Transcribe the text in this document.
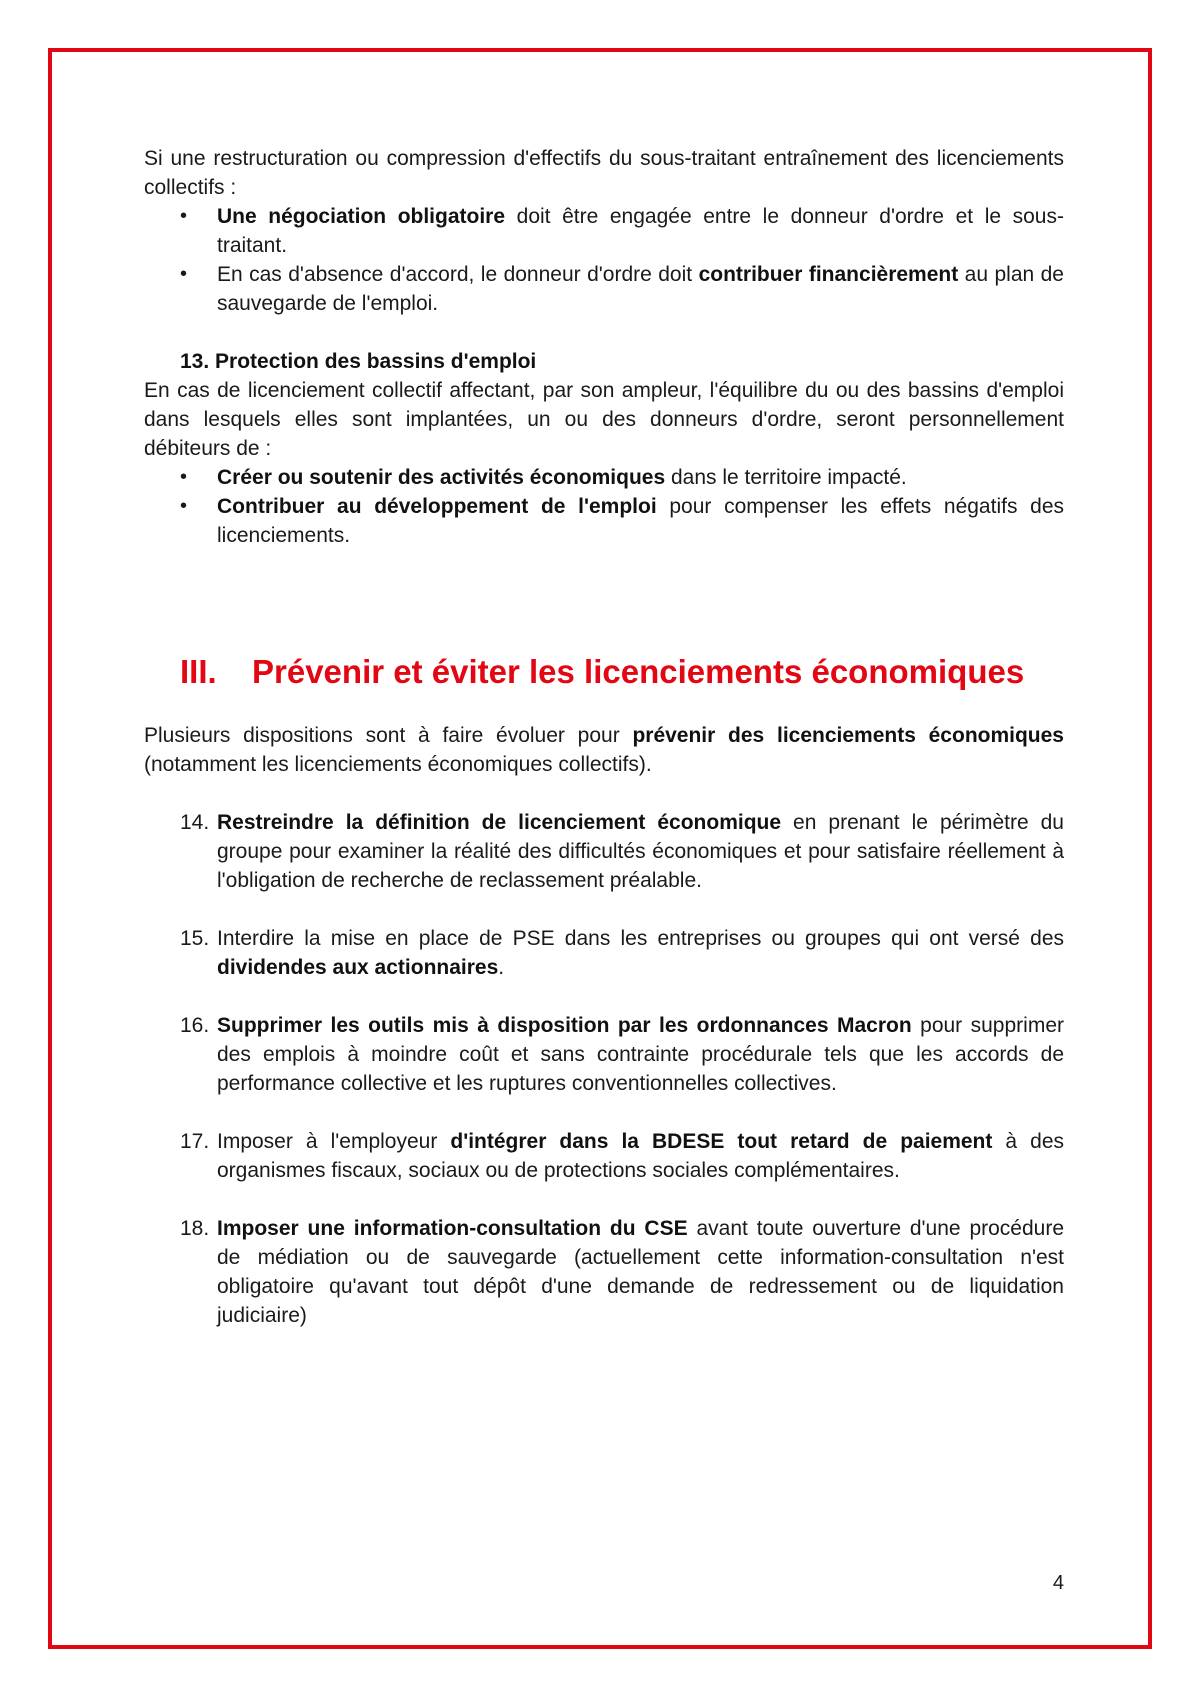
Si une restructuration ou compression d'effectifs du sous-traitant entraînement des licenciements collectifs :

• Une négociation obligatoire doit être engagée entre le donneur d'ordre et le sous-traitant.
• En cas d'absence d'accord, le donneur d'ordre doit contribuer financièrement au plan de sauvegarde de l'emploi.

13. Protection des bassins d'emploi

En cas de licenciement collectif affectant, par son ampleur, l'équilibre du ou des bassins d'emploi dans lesquels elles sont implantées, un ou des donneurs d'ordre, seront personnellement débiteurs de :

• Créer ou soutenir des activités économiques dans le territoire impacté.
• Contribuer au développement de l'emploi pour compenser les effets négatifs des licenciements.
III.	Prévenir et éviter les licenciements économiques

Plusieurs dispositions sont à faire évoluer pour prévenir des licenciements économiques (notamment les licenciements économiques collectifs).

14. Restreindre la définition de licenciement économique en prenant le périmètre du groupe pour examiner la réalité des difficultés économiques et pour satisfaire réellement à l'obligation de recherche de reclassement préalable.
15. Interdire la mise en place de PSE dans les entreprises ou groupes qui ont versé des dividendes aux actionnaires.
16. Supprimer les outils mis à disposition par les ordonnances Macron pour supprimer des emplois à moindre coût et sans contrainte procédurale tels que les accords de performance collective et les ruptures conventionnelles collectives.
17. Imposer à l'employeur d'intégrer dans la BDESE tout retard de paiement à des organismes fiscaux, sociaux ou de protections sociales complémentaires.
18. Imposer une information-consultation du CSE avant toute ouverture d'une procédure de médiation ou de sauvegarde (actuellement cette information-consultation n'est obligatoire qu'avant tout dépôt d'une demande de redressement ou de liquidation judiciaire)
4
